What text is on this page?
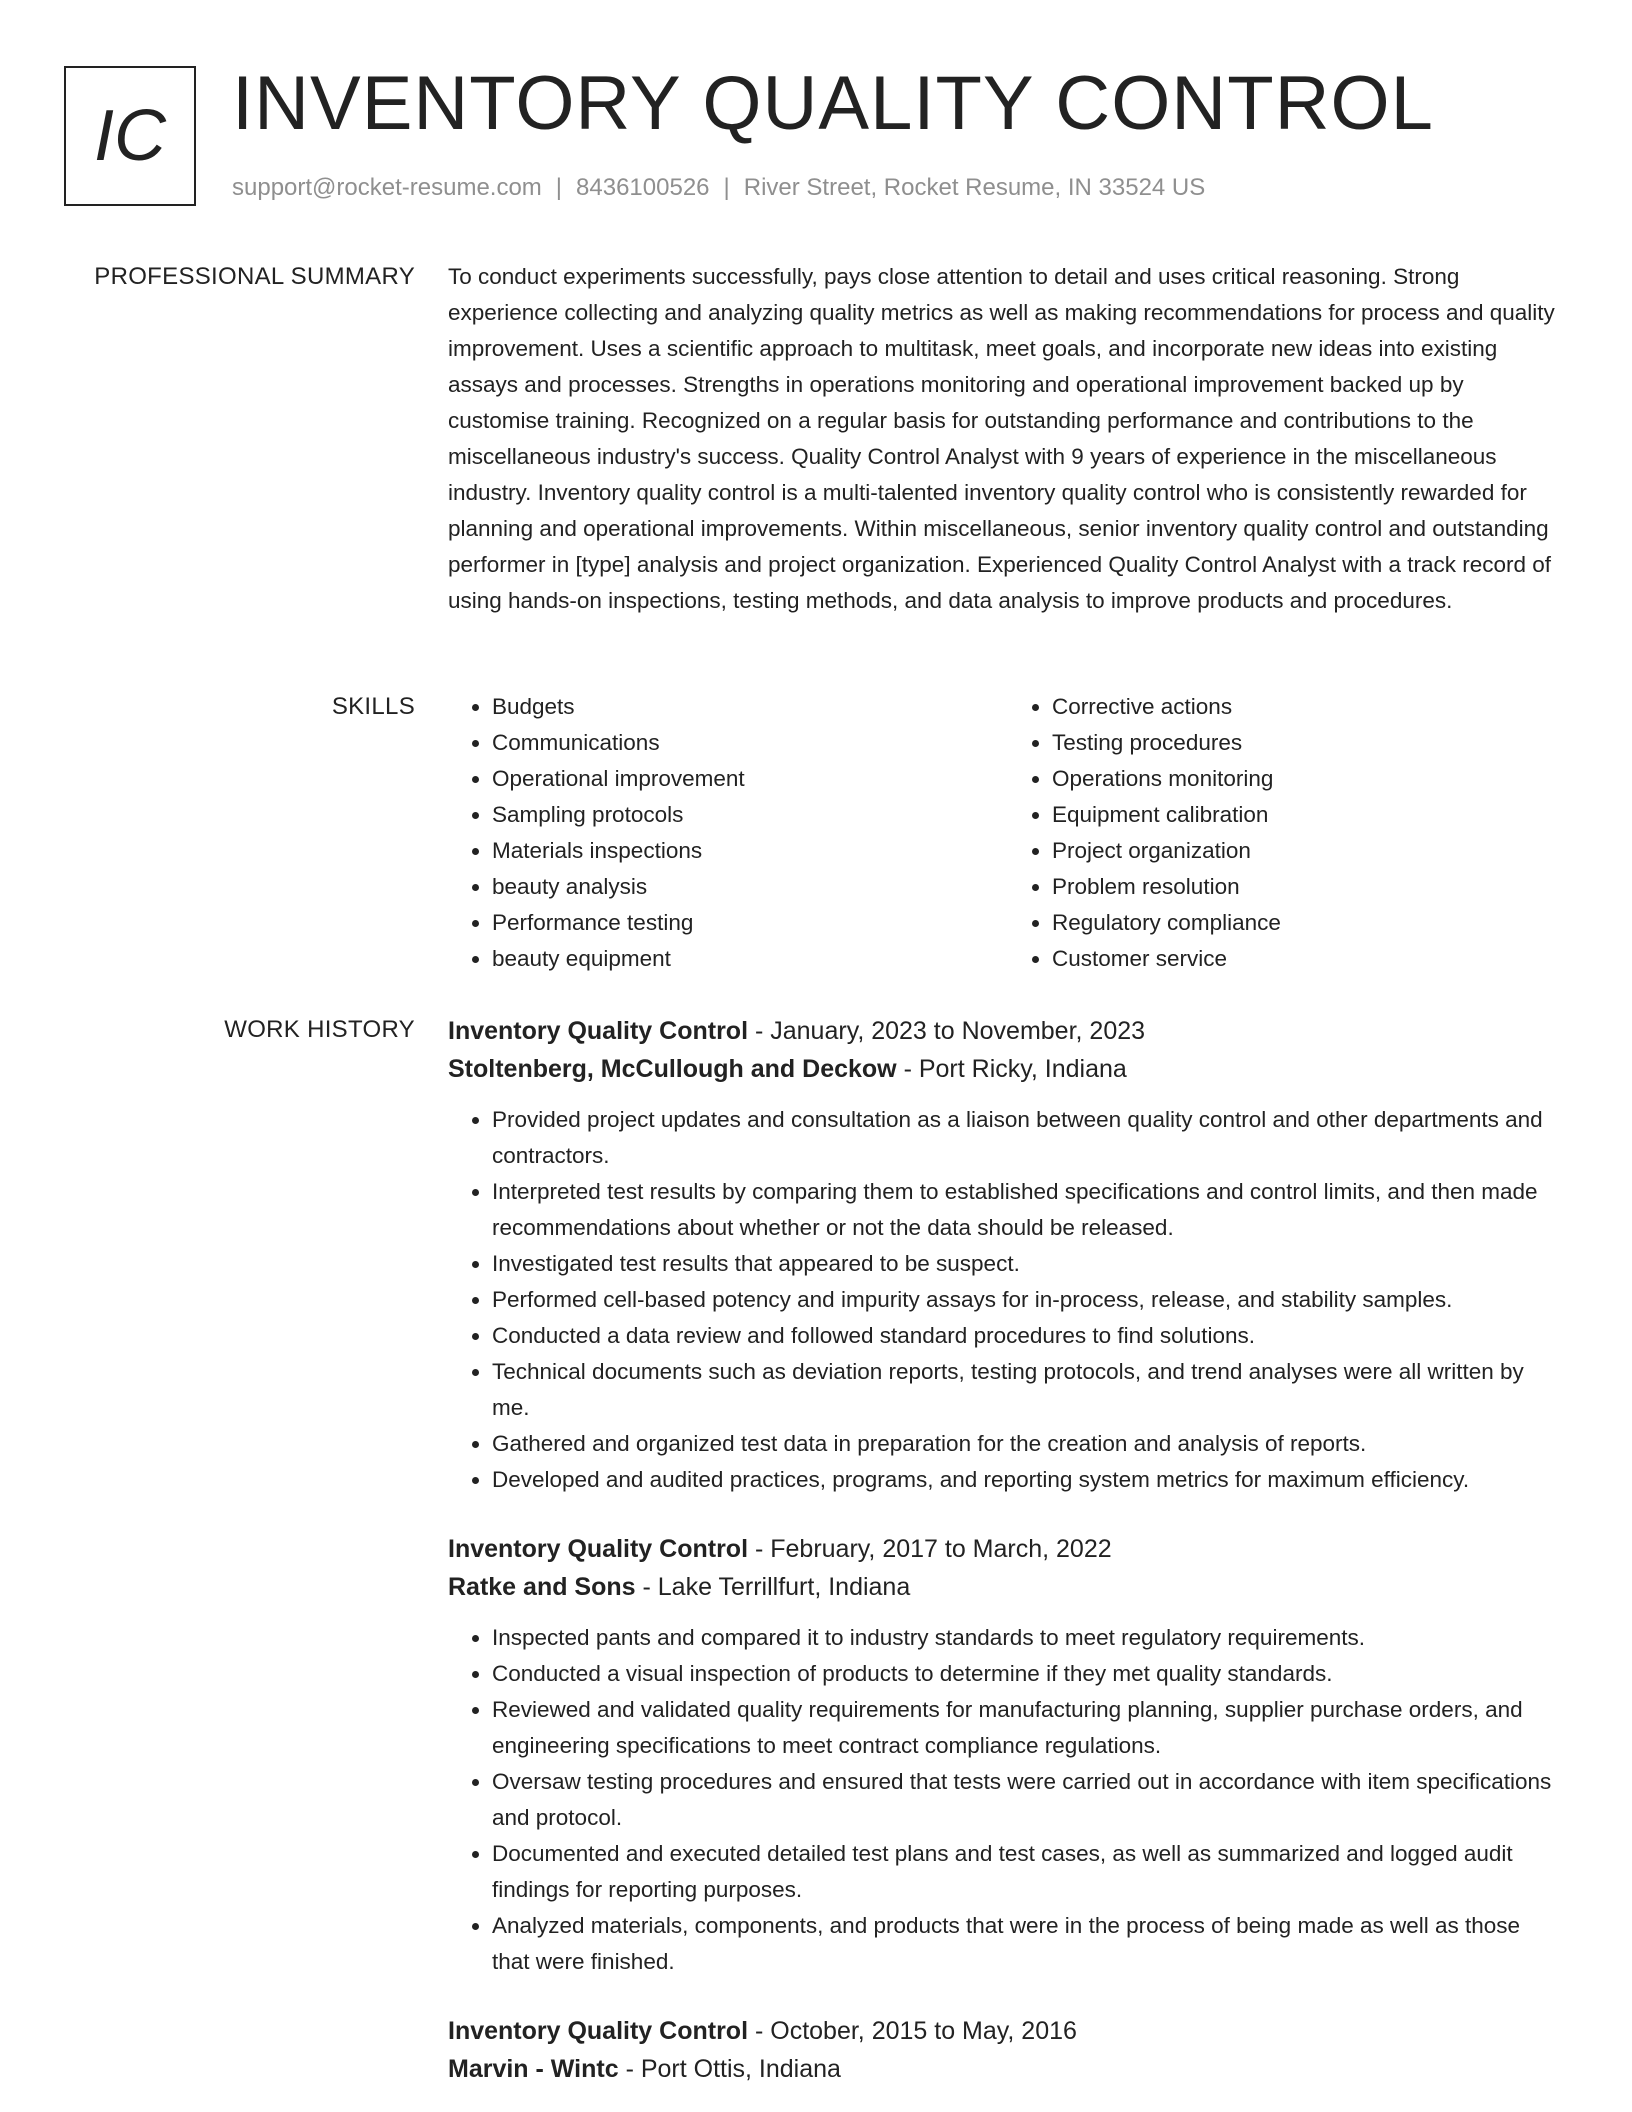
IC INVENTORY QUALITY CONTROL
support@rocket-resume.com | 8436100526 | River Street, Rocket Resume, IN 33524 US
PROFESSIONAL SUMMARY To conduct experiments successfully, pays close attention to detail and uses critical reasoning. Strong experience collecting and analyzing quality metrics as well as making recommendations for process and quality improvement. Uses a scientific approach to multitask, meet goals, and incorporate new ideas into existing assays and processes. Strengths in operations monitoring and operational improvement backed up by customise training. Recognized on a regular basis for outstanding performance and contributions to the miscellaneous industry's success. Quality Control Analyst with 9 years of experience in the miscellaneous industry. Inventory quality control is a multi-talented inventory quality control who is consistently rewarded for planning and operational improvements. Within miscellaneous, senior inventory quality control and outstanding performer in [type] analysis and project organization. Experienced Quality Control Analyst with a track record of using hands-on inspections, testing methods, and data analysis to improve products and procedures.

SKILLS
•	Budgets
• Communications
• Operational improvement
• Sampling protocols
• Materials inspections
• beauty analysis
• Performance testing
• beauty equipment
• Corrective actions
• Testing procedures
• Operations monitoring
• Equipment calibration
• Project organization
• Problem resolution
• Regulatory compliance
• Customer service
WORK HISTORY Inventory Quality Control - January, 2023 to November, 2023
Stoltenberg, McCullough and Deckow - Port Ricky, Indiana
• Provided project updates and consultation as a liaison between quality control and other departments and contractors.
• Interpreted test results by comparing them to established specifications and control limits, and then made recommendations about whether or not the data should be released.
• Investigated test results that appeared to be suspect.
• Performed cell-based potency and impurity assays for in-process, release, and stability samples.
• Conducted a data review and followed standard procedures to find solutions.
• Technical documents such as deviation reports, testing protocols, and trend analyses were all written by me.
• Gathered and organized test data in preparation for the creation and analysis of reports.
• Developed and audited practices, programs, and reporting system metrics for maximum efficiency.
Inventory Quality Control - February, 2017 to March, 2022
Ratke and Sons - Lake Terrillfurt, Indiana
• Inspected pants and compared it to industry standards to meet regulatory requirements.
• Conducted a visual inspection of products to determine if they met quality standards.
• Reviewed and validated quality requirements for manufacturing planning, supplier purchase orders, and engineering specifications to meet contract compliance regulations.
• Oversaw testing procedures and ensured that tests were carried out in accordance with item specifications and protocol.
• Documented and executed detailed test plans and test cases, as well as summarized and logged audit findings for reporting purposes.
• Analyzed materials, components, and products that were in the process of being made as well as those that were finished.
Inventory Quality Control - October, 2015 to May, 2016
Marvin - Wintc - Port Ottis, Indiana
